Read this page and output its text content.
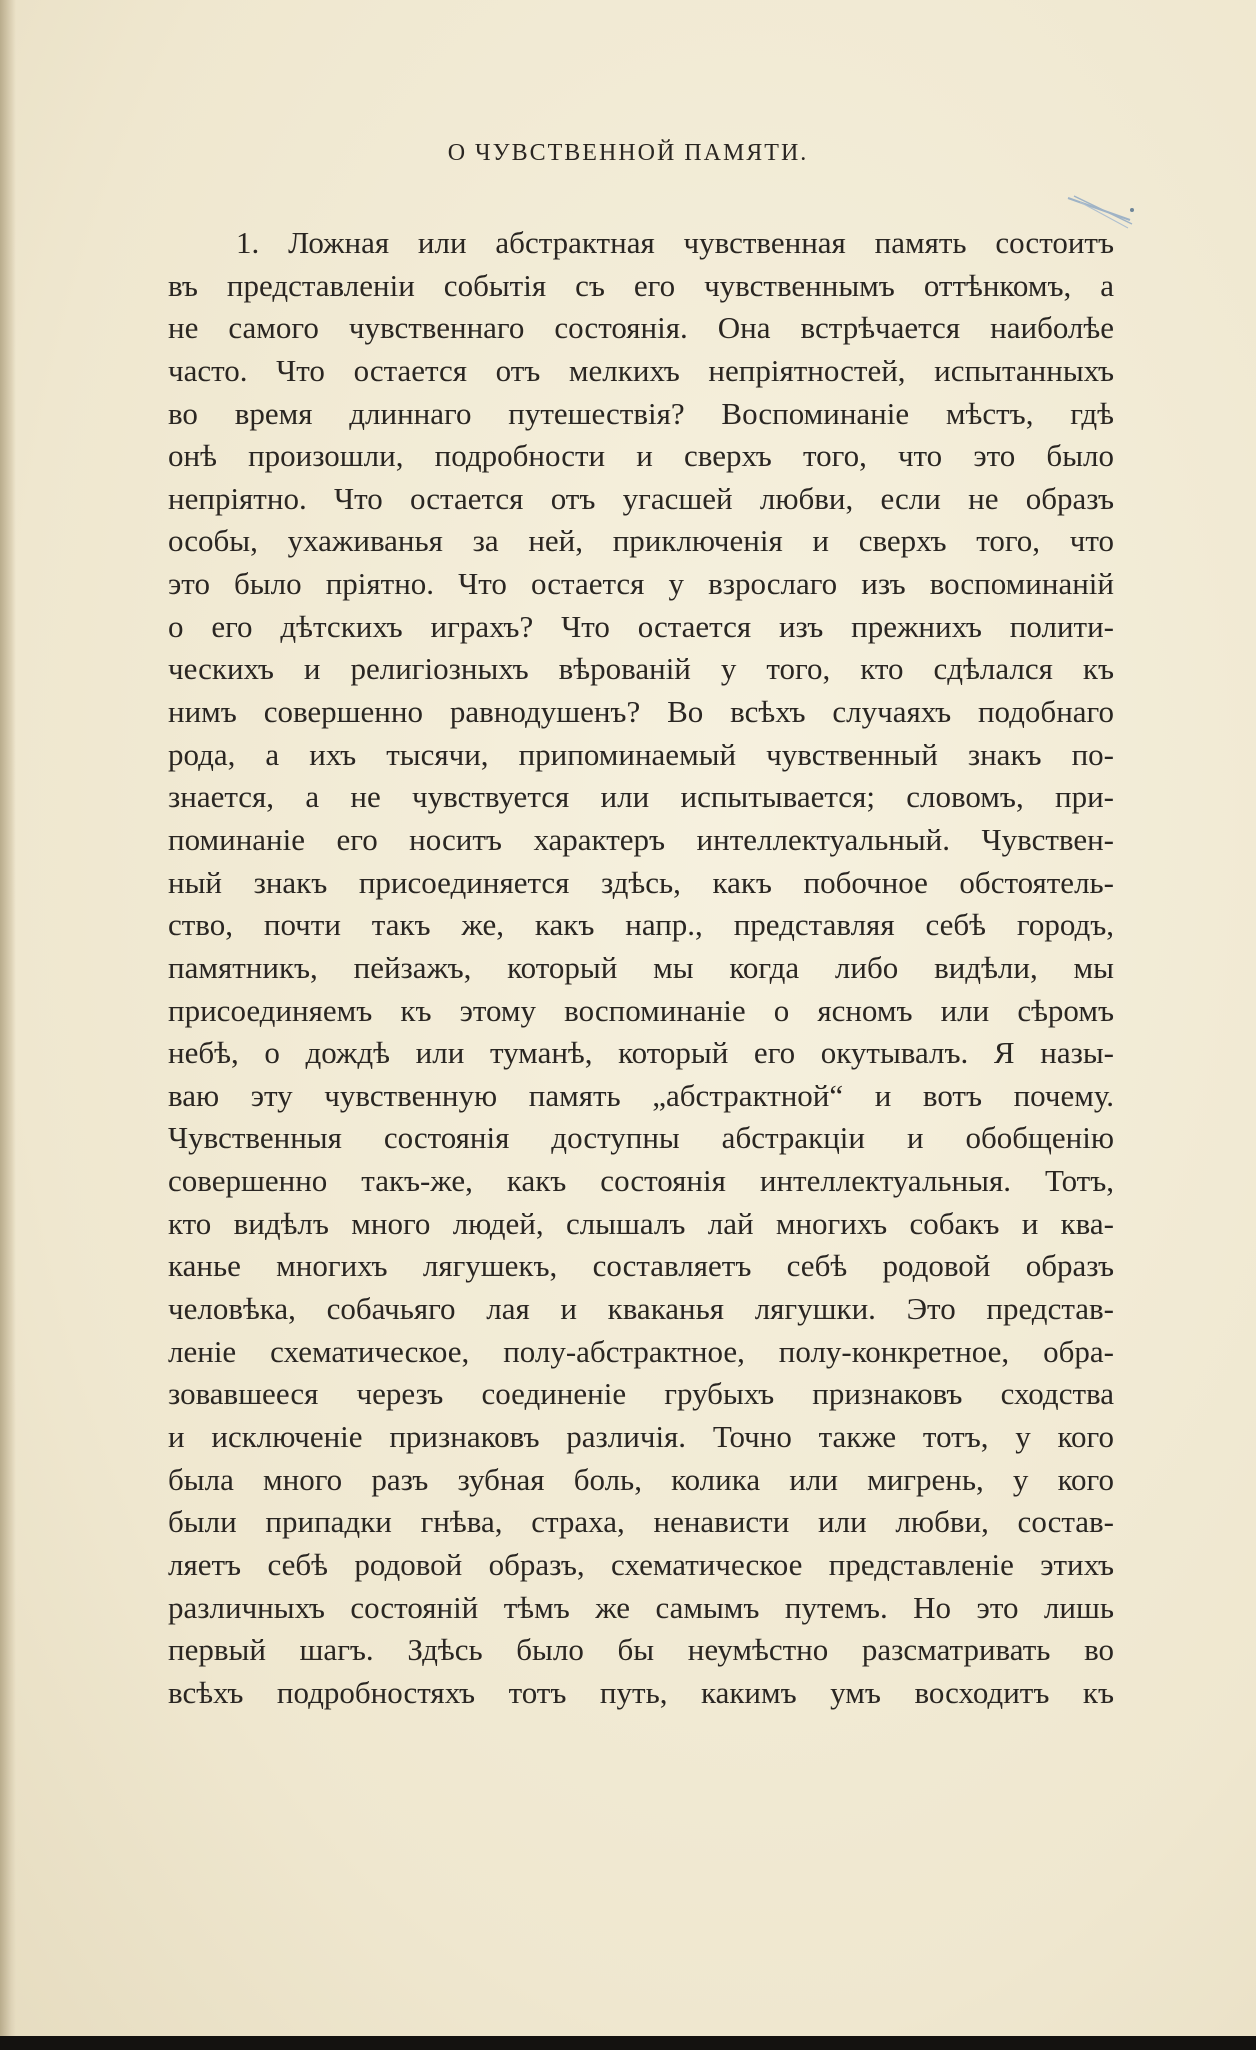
О ЧУВСТВЕННОЙ ПАМЯТИ.
1. Ложная или абстрактная чувственная память состоитъ
въ представленіи событія съ его чувственнымъ оттѣнкомъ, а
не самого чувственнаго состоянія. Она встрѣчается наиболѣе
часто. Что остается отъ мелкихъ непріятностей, испытанныхъ
во время длиннаго путешествія? Воспоминаніе мѣстъ, гдѣ
онѣ произошли, подробности и сверхъ того, что это было
непріятно. Что остается отъ угасшей любви, если не образъ
особы, ухаживанья за ней, приключенія и сверхъ того, что
это было пріятно. Что остается у взрослаго изъ воспоминаній
о его дѣтскихъ играхъ? Что остается изъ прежнихъ полити-
ческихъ и религіозныхъ вѣрованій у того, кто сдѣлался къ
нимъ совершенно равнодушенъ? Во всѣхъ случаяхъ подобнаго
рода, а ихъ тысячи, припоминаемый чувственный знакъ по-
знается, а не чувствуется или испытывается; словомъ, при-
поминаніе его носитъ характеръ интеллектуальный. Чувствен-
ный знакъ присоединяется здѣсь, какъ побочное обстоятель-
ство, почти такъ же, какъ напр., представляя себѣ городъ,
памятникъ, пейзажъ, который мы когда либо видѣли, мы
присоединяемъ къ этому воспоминаніе о ясномъ или сѣромъ
небѣ, о дождѣ или туманѣ, который его окутывалъ. Я назы-
ваю эту чувственную память „абстрактной“ и вотъ почему.
Чувственныя состоянія доступны абстракціи и обобщенію
совершенно такъ-же, какъ состоянія интеллектуальныя. Тотъ,
кто видѣлъ много людей, слышалъ лай многихъ собакъ и ква-
канье многихъ лягушекъ, составляетъ себѣ родовой образъ
человѣка, собачьяго лая и кваканья лягушки. Это представ-
леніе схематическое, полу-абстрактное, полу-конкретное, обра-
зовавшееся черезъ соединеніе грубыхъ признаковъ сходства
и исключеніе признаковъ различія. Точно также тотъ, у кого
была много разъ зубная боль, колика или мигрень, у кого
были припадки гнѣва, страха, ненависти или любви, состав-
ляетъ себѣ родовой образъ, схематическое представленіе этихъ
различныхъ состояній тѣмъ же самымъ путемъ. Но это лишь
первый шагъ. Здѣсь было бы неумѣстно разсматривать во
всѣхъ подробностяхъ тотъ путь, какимъ умъ восходитъ къ
